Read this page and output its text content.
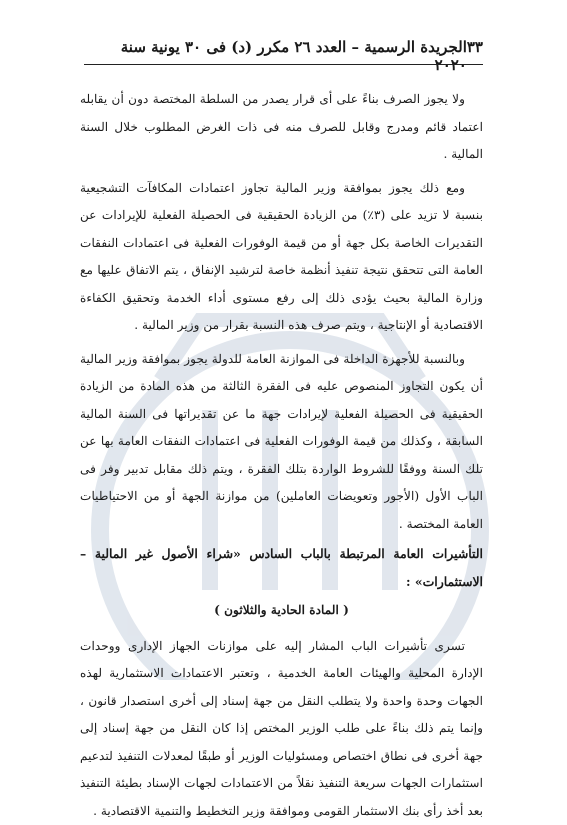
٣٣
الجريدة الرسمية – العدد ٢٦ مكرر (د) فى ٣٠ يونية سنة ٢٠٢٠

ولا يجوز الصرف بناءً على أى قرار يصدر من السلطة المختصة دون أن يقابله اعتماد قائم ومدرج وقابل للصرف منه فى ذات الغرض المطلوب خلال السنة المالية .

ومع ذلك يجوز بموافقة وزير المالية تجاوز اعتمادات المكافآت التشجيعية بنسبة لا تزيد على (٣٪) من الزيادة الحقيقية فى الحصيلة الفعلية للإيرادات عن التقديرات الخاصة بكل جهة أو من قيمة الوفورات الفعلية فى اعتمادات النفقات العامة التى تتحقق نتيجة تنفيذ أنظمة خاصة لترشيد الإنفاق ، يتم الاتفاق عليها مع وزارة المالية بحيث يؤدى ذلك إلى رفع مستوى أداء الخدمة وتحقيق الكفاءة الاقتصادية أو الإنتاجية ، ويتم صرف هذه النسبة بقرار من وزير المالية .

وبالنسبة للأجهزة الداخلة فى الموازنة العامة للدولة يجوز بموافقة وزير المالية أن يكون التجاوز المنصوص عليه فى الفقرة الثالثة من هذه المادة من الزيادة الحقيقية فى الحصيلة الفعلية لإيرادات جهة ما عن تقديراتها فى السنة المالية السابقة ، وكذلك من قيمة الوفورات الفعلية فى اعتمادات النفقات العامة بها عن تلك السنة ووفقًا للشروط الواردة بتلك الفقرة ، ويتم ذلك مقابل تدبير وفر فى الباب الأول (الأجور وتعويضات العاملين) من موازنة الجهة أو من الاحتياطيات العامة المختصة .

التأشيرات العامة المرتبطة بالباب السادس «شراء الأصول غير المالية – الاستثمارات» :

( المادة الحادية والثلاثون )

تسرى تأشيرات الباب المشار إليه على موازنات الجهاز الإدارى ووحدات الإدارة المحلية والهيئات العامة الخدمية ، وتعتبر الاعتمادات الاستثمارية لهذه الجهات وحدة واحدة ولا يتطلب النقل من جهة إسناد إلى أخرى استصدار قانون ، وإنما يتم ذلك بناءً على طلب الوزير المختص إذا كان النقل من جهة إسناد إلى جهة أخرى فى نطاق اختصاص ومسئوليات الوزير أو طبقًا لمعدلات التنفيذ لتدعيم استثمارات الجهات سريعة التنفيذ نقلاً من الاعتمادات لجهات الإسناد بطيئة التنفيذ بعد أخذ رأى بنك الاستثمار القومى وموافقة وزير التخطيط والتنمية الاقتصادية .
